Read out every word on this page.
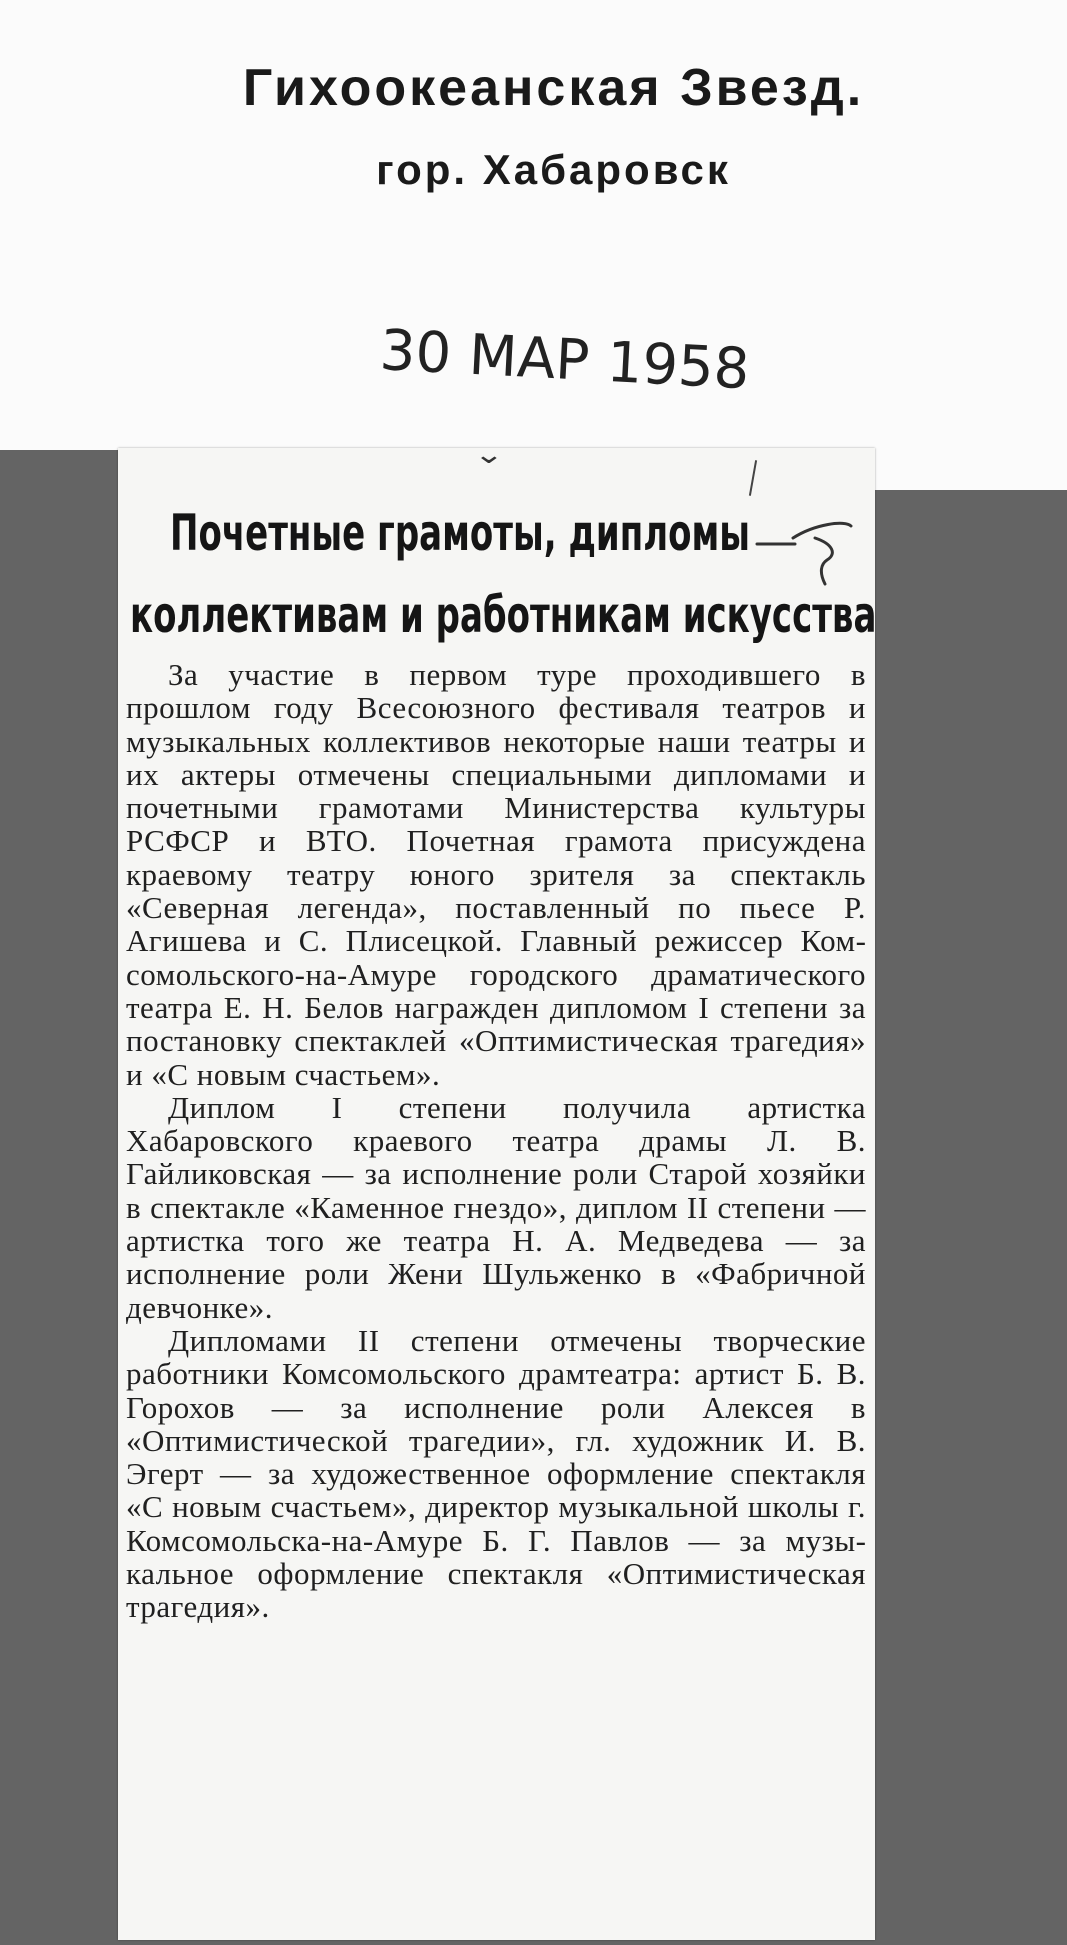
Гихоокеанская Звезд.
гор. Хабаровск
30 МАР 1958
⌄
Почетные грамоты, дипломы
коллективам и работникам искусства

За участие в первом туре проходившего в прошлом году Всесоюзного фестиваля театров и музыкальных коллективов некоторые наши театры и их актеры отмечены специальными дипломами и почетными грамотами Министерства культуры РСФСР и ВТО. Почетная грамота присуждена краевому театру юного зрителя за спектакль «Северная легенда», поставленный по пьесе Р. Агишева и С. Плисецкой. Главный режиссер Комсомольского-на-Амуре городского драматического театра Е. Н. Белов награжден дипломом I степени за постановку спектаклей «Оптимистическая трагедия» и «С новым счастьем».

Диплом I степени получила артистка Хабаровского краевого театра драмы Л. В. Гайликовская — за исполнение роли Старой хозяйки в спектакле «Каменное гнездо», диплом II степени — артистка того же театра Н. А. Медведева — за исполнение роли Жени Шульженко в «Фабричной девчонке».

Дипломами II степени отмечены творческие работники Комсомольского драмтеатра: артист Б. В. Горохов — за исполнение роли Алексея в «Оптимистической трагедии», гл. художник И. В. Эгерт — за художественное оформление спектакля «С новым счастьем», директор музыкальной школы г. Комсомольска-на-Амуре Б. Г. Павлов — за музыкальное оформление спектакля «Оптимистическая трагедия».
